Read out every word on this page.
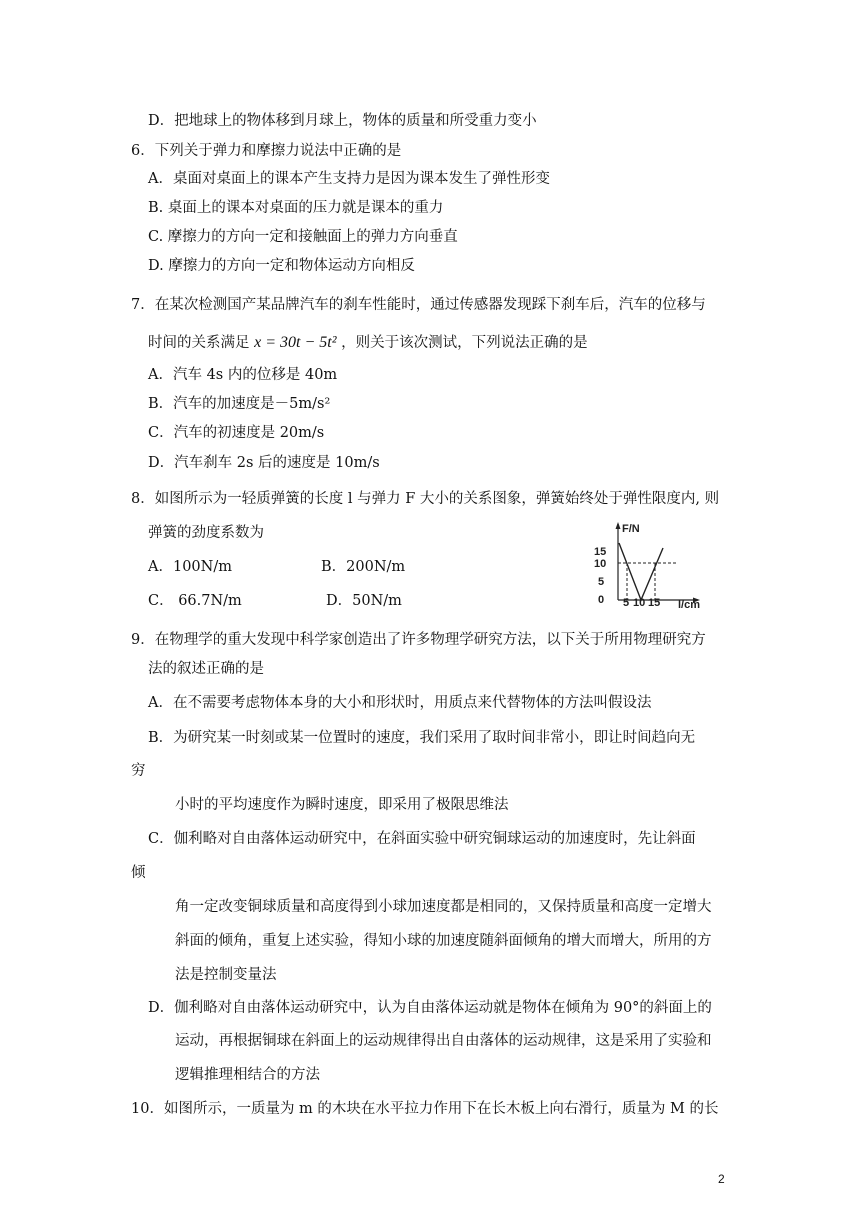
D．把地球上的物体移到月球上，物体的质量和所受重力变小
6．下列关于弹力和摩擦力说法中正确的是
A．桌面对桌面上的课本产生支持力是因为课本发生了弹性形变
B. 桌面上的课本对桌面的压力就是课本的重力
C. 摩擦力的方向一定和接触面上的弹力方向垂直
D. 摩擦力的方向一定和物体运动方向相反
7．在某次检测国产某品牌汽车的刹车性能时，通过传感器发现踩下刹车后，汽车的位移与
时间的关系满足 x = 30t − 5t² ，则关于该次测试，下列说法正确的是
A．汽车 4s 内的位移是 40m
B．汽车的加速度是－5m/s²
C．汽车的初速度是 20m/s
D．汽车刹车 2s 后的速度是 10m/s
8．如图所示为一轻质弹簧的长度 l 与弹力 F 大小的关系图象，弹簧始终处于弹性限度内, 则
弹簧的劲度系数为
A．100N/m	B．200N/m
C． 66.7N/m	D．50N/m
F/N
l/cm
15
10
5
0 5 10 15
9．在物理学的重大发现中科学家创造出了许多物理学研究方法，以下关于所用物理研究方
法的叙述正确的是
A．在不需要考虑物体本身的大小和形状时，用质点来代替物体的方法叫假设法
B．为研究某一时刻或某一位置时的速度，我们采用了取时间非常小，即让时间趋向无
穷
小时的平均速度作为瞬时速度，即采用了极限思维法
C．伽利略对自由落体运动研究中，在斜面实验中研究铜球运动的加速度时，先让斜面
倾
角一定改变铜球质量和高度得到小球加速度都是相同的，又保持质量和高度一定增大
斜面的倾角，重复上述实验，得知小球的加速度随斜面倾角的增大而增大，所用的方
法是控制变量法
D．伽利略对自由落体运动研究中，认为自由落体运动就是物体在倾角为 90°的斜面上的
运动，再根据铜球在斜面上的运动规律得出自由落体的运动规律，这是采用了实验和
逻辑推理相结合的方法
10．如图所示，一质量为 m 的木块在水平拉力作用下在长木板上向右滑行，质量为 M 的长
2
